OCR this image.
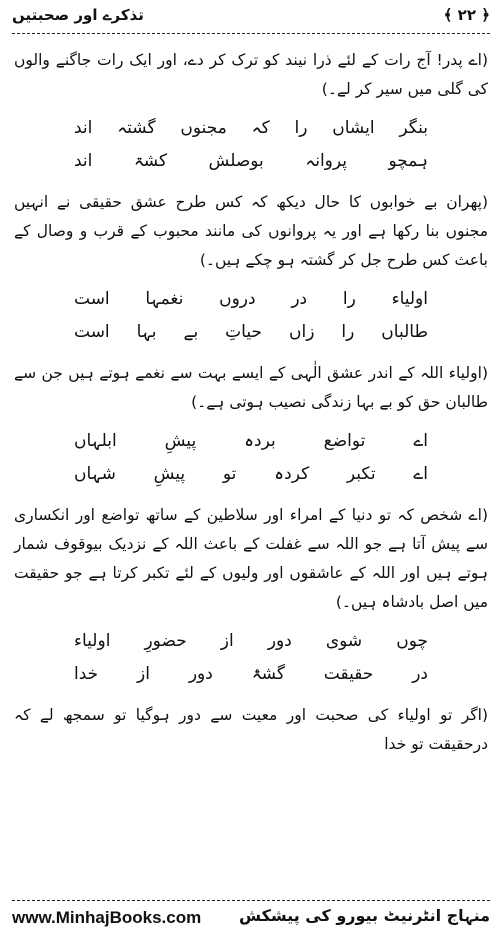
﴿ ۲۲ ﴾
تذکرے اور صحبتیں

(اے پدر! آج رات کے لئے ذرا نیند کو ترک کر دے، اور ایک رات جاگنے والوں کی گلی میں سیر کر لے۔)

بنگر ایشاں را کہ مجنوں گشتہ اند
ہمچو پروانہ بوصلش کشۃ اند

(پھران بے خوابوں کا حال دیکھ کہ کس طرح عشق حقیقی نے انہیں مجنوں بنا رکھا ہے اور یہ پروانوں کی مانند محبوب کے قرب و وصال کے باعث کس طرح جل کر گشتہ ہو چکے ہیں۔)

اولیاء را در دروں نغمہا است
طالباں را زاں حیاتِ بے بہا است

(اولیاء اللہ کے اندر عشق الٰہی کے ایسے بہت سے نغمے ہوتے ہیں جن سے طالبان حق کو بے بہا زندگی نصیب ہوتی ہے۔)

اے تواضع بردہ پیشِ ابلہاں
اے تکبر کردہ تو پیشِ شہاں

(اے شخص کہ تو دنیا کے امراء اور سلاطین کے ساتھ تواضع اور انکساری سے پیش آتا ہے جو اللہ سے غفلت کے باعث اللہ کے نزدیک بیوقوف شمار ہوتے ہیں اور اللہ کے عاشقوں اور ولیوں کے لئے تکبر کرتا ہے جو حقیقت میں اصل بادشاہ ہیں۔)

چوں شوی دور از حضورِ اولیاء
در حقیقت گشۃٔ دور از خدا

(اگر تو اولیاء کی صحبت اور معیت سے دور ہوگیا تو سمجھ لے کہ درحقیقت تو خدا

www.MinhajBooks.com منہاج انٹرنیٹ بیورو کی پیشکش
